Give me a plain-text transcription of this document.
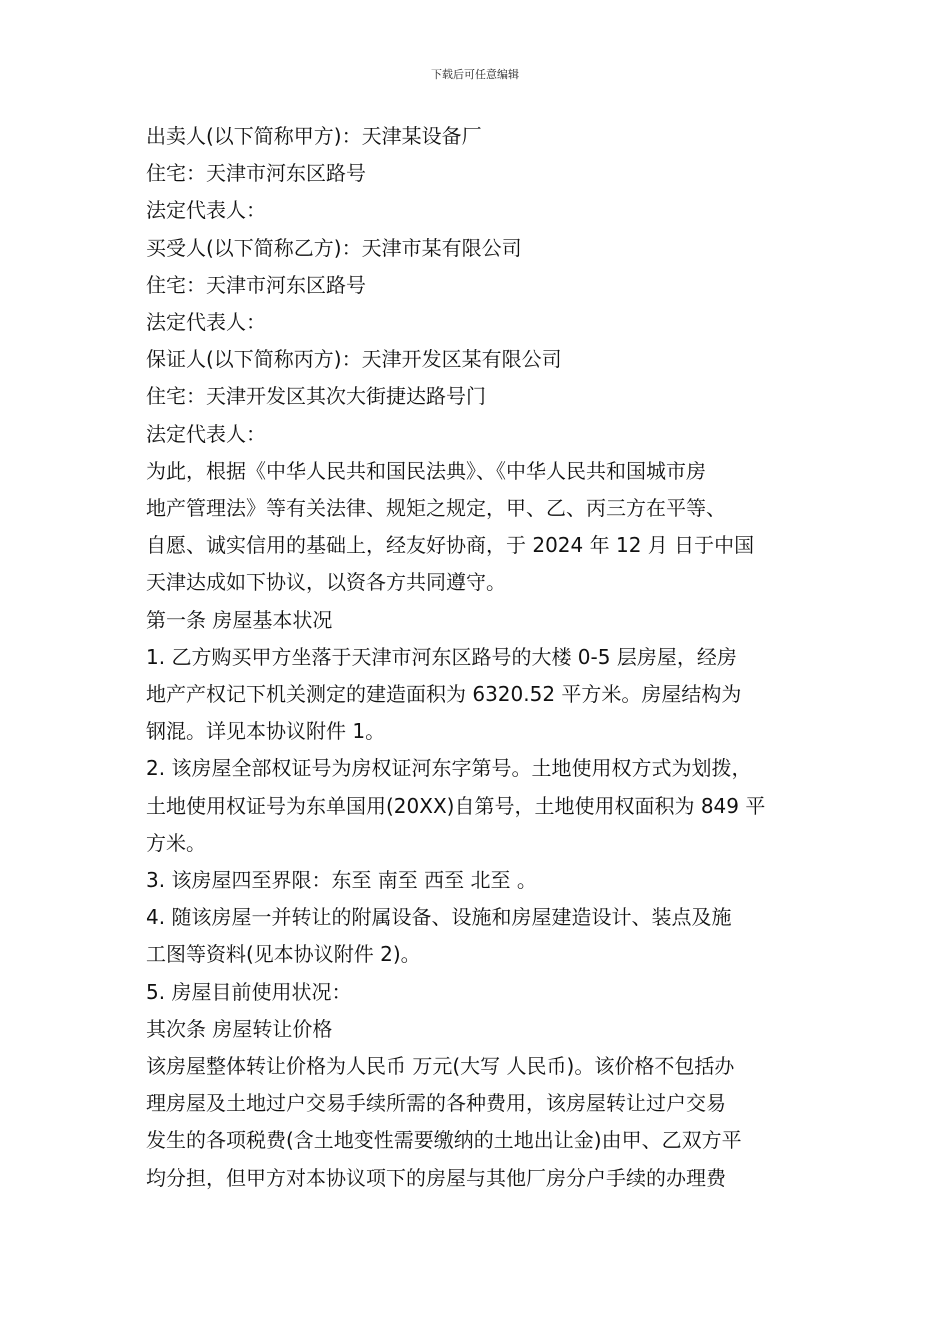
下载后可任意编辑

出卖人(以下简称甲方)：天津某设备厂

住宅：天津市河东区路号

法定代表人：

买受人(以下简称乙方)：天津市某有限公司

住宅：天津市河东区路号

法定代表人：

保证人(以下简称丙方)：天津开发区某有限公司

住宅：天津开发区其次大街捷达路号门

法定代表人：

为此，根据《中华人民共和国民法典》、《中华人民共和国城市房

地产管理法》等有关法律、规矩之规定，甲、乙、丙三方在平等、

自愿、诚实信用的基础上，经友好协商，于 2024 年 12 月 日于中国

天津达成如下协议，以资各方共同遵守。

第一条 房屋基本状况

1. 乙方购买甲方坐落于天津市河东区路号的大楼 0-5 层房屋，经房

地产产权记下机关测定的建造面积为 6320.52 平方米。房屋结构为

钢混。详见本协议附件 1。

2. 该房屋全部权证号为房权证河东字第号。土地使用权方式为划拨，

土地使用权证号为东单国用(20XX)自第号，土地使用权面积为 849 平

方米。

3. 该房屋四至界限：东至 南至 西至 北至 。

4. 随该房屋一并转让的附属设备、设施和房屋建造设计、装点及施

工图等资料(见本协议附件 2)。

5. 房屋目前使用状况：

其次条 房屋转让价格

该房屋整体转让价格为人民币 万元(大写 人民币)。该价格不包括办

理房屋及土地过户交易手续所需的各种费用，该房屋转让过户交易

发生的各项税费(含土地变性需要缴纳的土地出让金)由甲、乙双方平

均分担，但甲方对本协议项下的房屋与其他厂房分户手续的办理费
